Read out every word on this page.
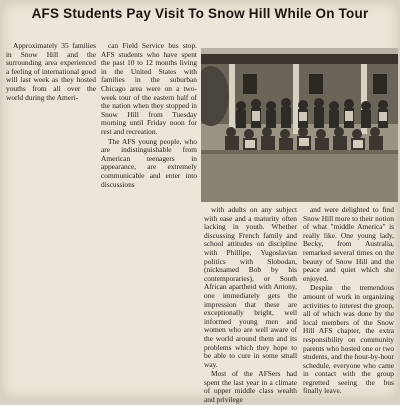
AFS Students Pay Visit To Snow Hill While On Tour

Approximately 35 families in Snow Hill and the surrounding area experienced a feeling of international good will last week as they hosted youths from all over the world during the Ameri-

can Field Service bus stop. AFS students who have spent the past 10 to 12 months living in the United States with families in the suburban Chicago area were on a two-week tour of the eastern half of the nation when they stopped in Snow Hill from Tuesday morning until Friday noon for rest and recreation.

The AFS young people, who are indistinguishable from American teenagers in appearance, are extremely communicable and enter into discussions

with adults on any subject with ease and a maturity often lacking in youth. Whether discussing French family and school attitudes on discipline with Phillipe, Yugoslavian politics with Slobodan, (nicknamed Bob by his contemporaries), or South African apartheid with Antony, one immediately gets the impression that these are exceptionally bright, well informed young men and women who are well aware of the world around them and its problems which they hope to be able to cure in some small way.

Most of the AFSers had spent the last year in a climate of upper middle class wealth and privilege

and were delighted to find Snow Hill more to their notion of what "middle America" is really like. One young lady, Becky, from Australia, remarked several times on the beauty of Snow Hill and the peace and quiet which she enjoyed.

Despite the tremendous amount of work in organizing activities to interest the group, all of which was done by the local members of the Snow Hill AFS chapter, the extra responsibility on community parents who hosted one or two students, and the hour-by-hour schedule, everyone who came in contact with the group regretted seeing the bus finally leave.
